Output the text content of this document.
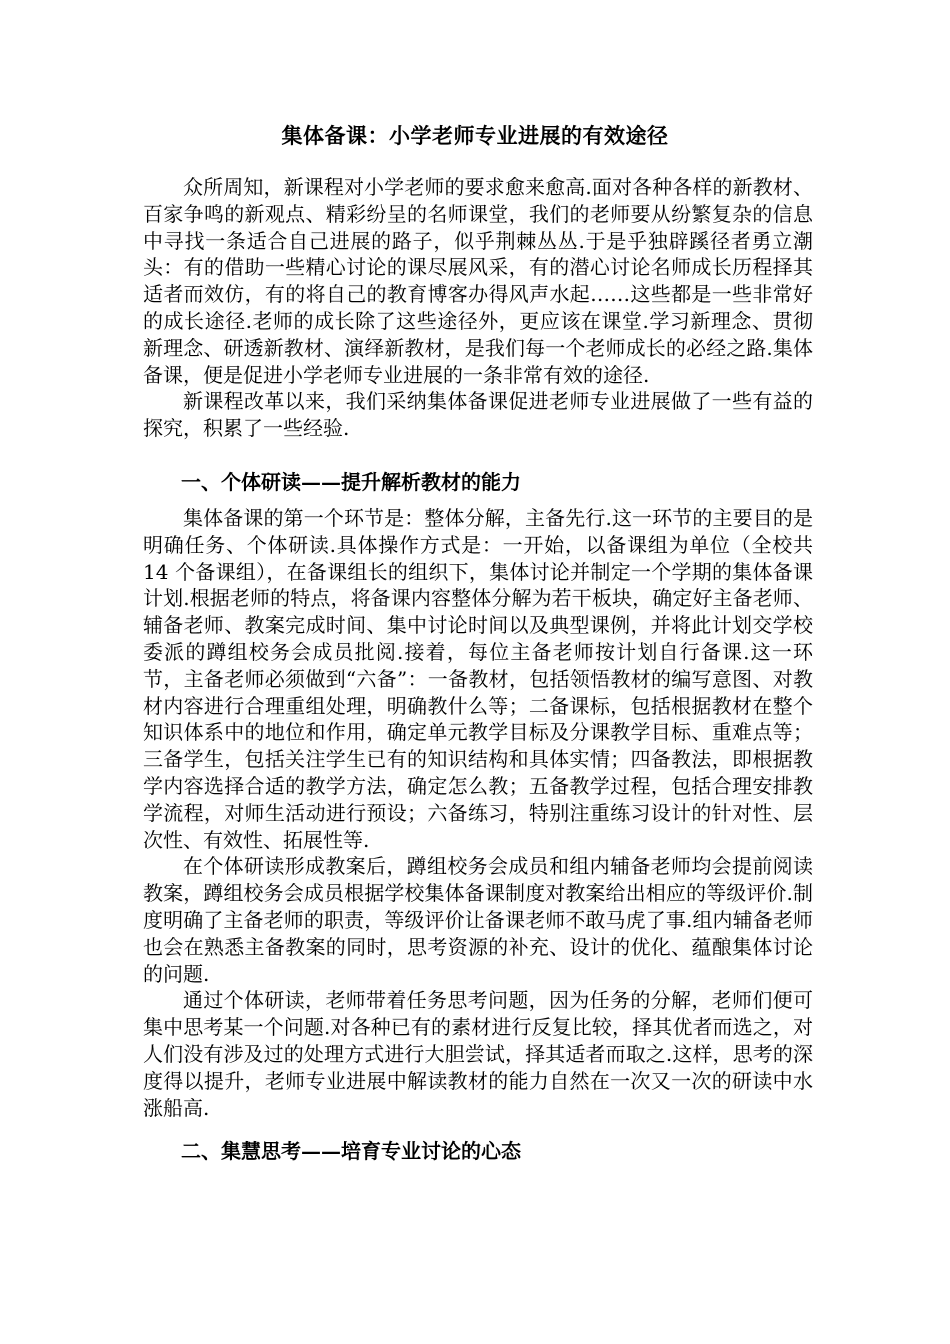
集体备课：小学老师专业进展的有效途径

众所周知，新课程对小学老师的要求愈来愈高.面对各种各样的新教材、百家争鸣的新观点、精彩纷呈的名师课堂，我们的老师要从纷繁复杂的信息中寻找一条适合自己进展的路子，似乎荆棘丛丛.于是乎独辟蹊径者勇立潮头：有的借助一些精心讨论的课尽展风采，有的潜心讨论名师成长历程择其适者而效仿，有的将自己的教育博客办得风声水起……这些都是一些非常好的成长途径.老师的成长除了这些途径外，更应该在课堂.学习新理念、贯彻新理念、研透新教材、演绎新教材，是我们每一个老师成长的必经之路.集体备课，便是促进小学老师专业进展的一条非常有效的途径.

新课程改革以来，我们采纳集体备课促进老师专业进展做了一些有益的探究，积累了一些经验.

一、个体研读——提升解析教材的能力

集体备课的第一个环节是：整体分解，主备先行.这一环节的主要目的是明确任务、个体研读.具体操作方式是：一开始，以备课组为单位（全校共 14 个备课组），在备课组长的组织下，集体讨论并制定一个学期的集体备课计划.根据老师的特点，将备课内容整体分解为若干板块，确定好主备老师、辅备老师、教案完成时间、集中讨论时间以及典型课例，并将此计划交学校委派的蹲组校务会成员批阅.接着，每位主备老师按计划自行备课.这一环节，主备老师必须做到“六备”：一备教材，包括领悟教材的编写意图、对教材内容进行合理重组处理，明确教什么等；二备课标，包括根据教材在整个知识体系中的地位和作用，确定单元教学目标及分课教学目标、重难点等；三备学生，包括关注学生已有的知识结构和具体实情；四备教法，即根据教学内容选择合适的教学方法，确定怎么教；五备教学过程，包括合理安排教学流程，对师生活动进行预设；六备练习，特别注重练习设计的针对性、层次性、有效性、拓展性等.

在个体研读形成教案后，蹲组校务会成员和组内辅备老师均会提前阅读教案，蹲组校务会成员根据学校集体备课制度对教案给出相应的等级评价.制度明确了主备老师的职责，等级评价让备课老师不敢马虎了事.组内辅备老师也会在熟悉主备教案的同时，思考资源的补充、设计的优化、蕴酿集体讨论的问题.

通过个体研读，老师带着任务思考问题，因为任务的分解，老师们便可集中思考某一个问题.对各种已有的素材进行反复比较，择其优者而选之，对人们没有涉及过的处理方式进行大胆尝试，择其适者而取之.这样，思考的深度得以提升，老师专业进展中解读教材的能力自然在一次又一次的研读中水涨船高.

二、集慧思考——培育专业讨论的心态
